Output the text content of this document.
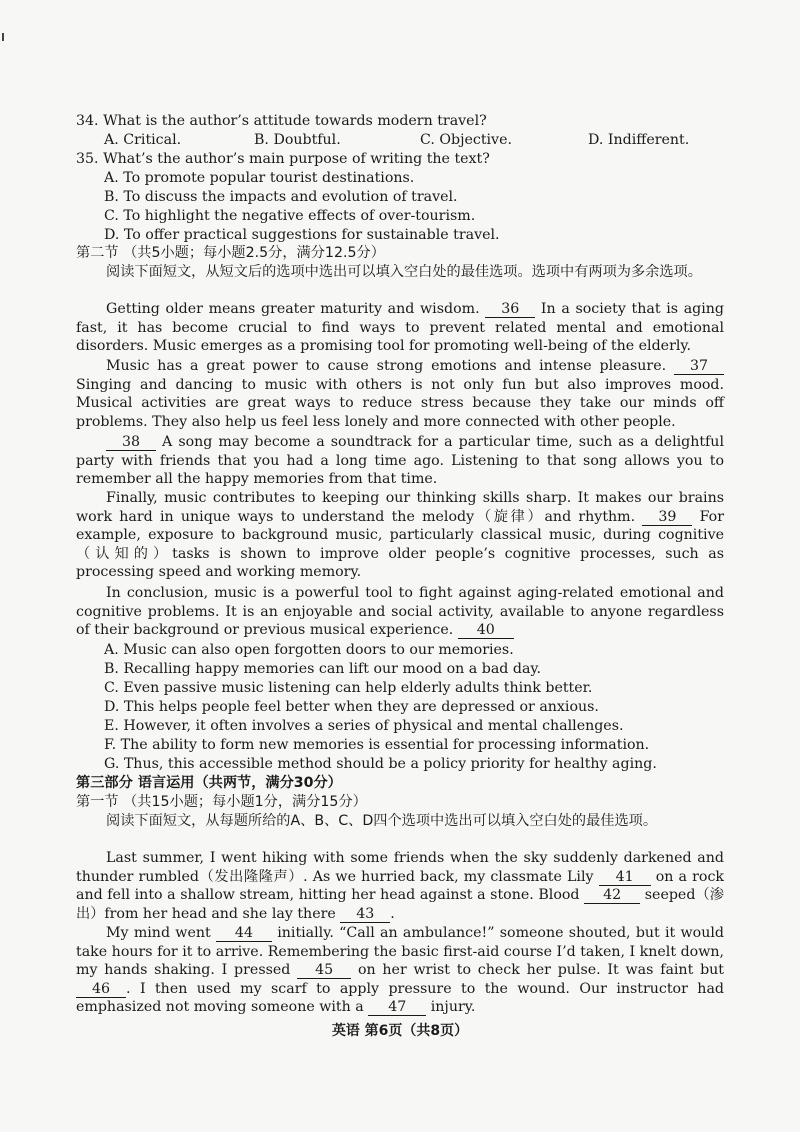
34. What is the author’s attitude towards modern travel?

A. Critical.	B. Doubtful.	C. Objective.	D. Indifferent.

35. What’s the author’s main purpose of writing the text?

A. To promote popular tourist destinations.

B. To discuss the impacts and evolution of travel.

C. To highlight the negative effects of over-tourism.

D. To offer practical suggestions for sustainable travel.

第二节 （共5小题；每小题2.5分，满分12.5分）

阅读下面短文，从短文后的选项中选出可以填入空白处的最佳选项。选项中有两项为多余选项。

Getting older means greater maturity and wisdom. 36 In a society that is aging fast, it has become crucial to find ways to prevent related mental and emotional disorders. Music emerges as a promising tool for promoting well-being of the elderly.

Music has a great power to cause strong emotions and intense pleasure. 37 Singing and dancing to music with others is not only fun but also improves mood. Musical activities are great ways to reduce stress because they take our minds off problems. They also help us feel less lonely and more connected with other people.

38 A song may become a soundtrack for a particular time, such as a delightful party with friends that you had a long time ago. Listening to that song allows you to remember all the happy memories from that time.

Finally, music contributes to keeping our thinking skills sharp. It makes our brains work hard in unique ways to understand the melody（旋律）and rhythm. 39 For example, exposure to background music, particularly classical music, during cognitive（认知的）tasks is shown to improve older people’s cognitive processes, such as processing speed and working memory.

In conclusion, music is a powerful tool to fight against aging-related emotional and cognitive problems. It is an enjoyable and social activity, available to anyone regardless of their background or previous musical experience. 40

A. Music can also open forgotten doors to our memories.

B. Recalling happy memories can lift our mood on a bad day.

C. Even passive music listening can help elderly adults think better.

D. This helps people feel better when they are depressed or anxious.

E. However, it often involves a series of physical and mental challenges.

F. The ability to form new memories is essential for processing information.

G. Thus, this accessible method should be a policy priority for healthy aging.

第三部分 语言运用（共两节，满分30分）

第一节 （共15小题；每小题1分，满分15分）

阅读下面短文，从每题所给的A、B、C、D四个选项中选出可以填入空白处的最佳选项。

Last summer, I went hiking with some friends when the sky suddenly darkened and thunder rumbled（发出隆隆声）. As we hurried back, my classmate Lily 41 on a rock and fell into a shallow stream, hitting her head against a stone. Blood 42 seeped（渗出）from her head and she lay there 43 .

My mind went 44 initially. “Call an ambulance!” someone shouted, but it would take hours for it to arrive. Remembering the basic first-aid course I’d taken, I knelt down, my hands shaking. I pressed 45 on her wrist to check her pulse. It was faint but 46 . I then used my scarf to apply pressure to the wound. Our instructor had emphasized not moving someone with a 47 injury.

英语 第6页（共8页）
